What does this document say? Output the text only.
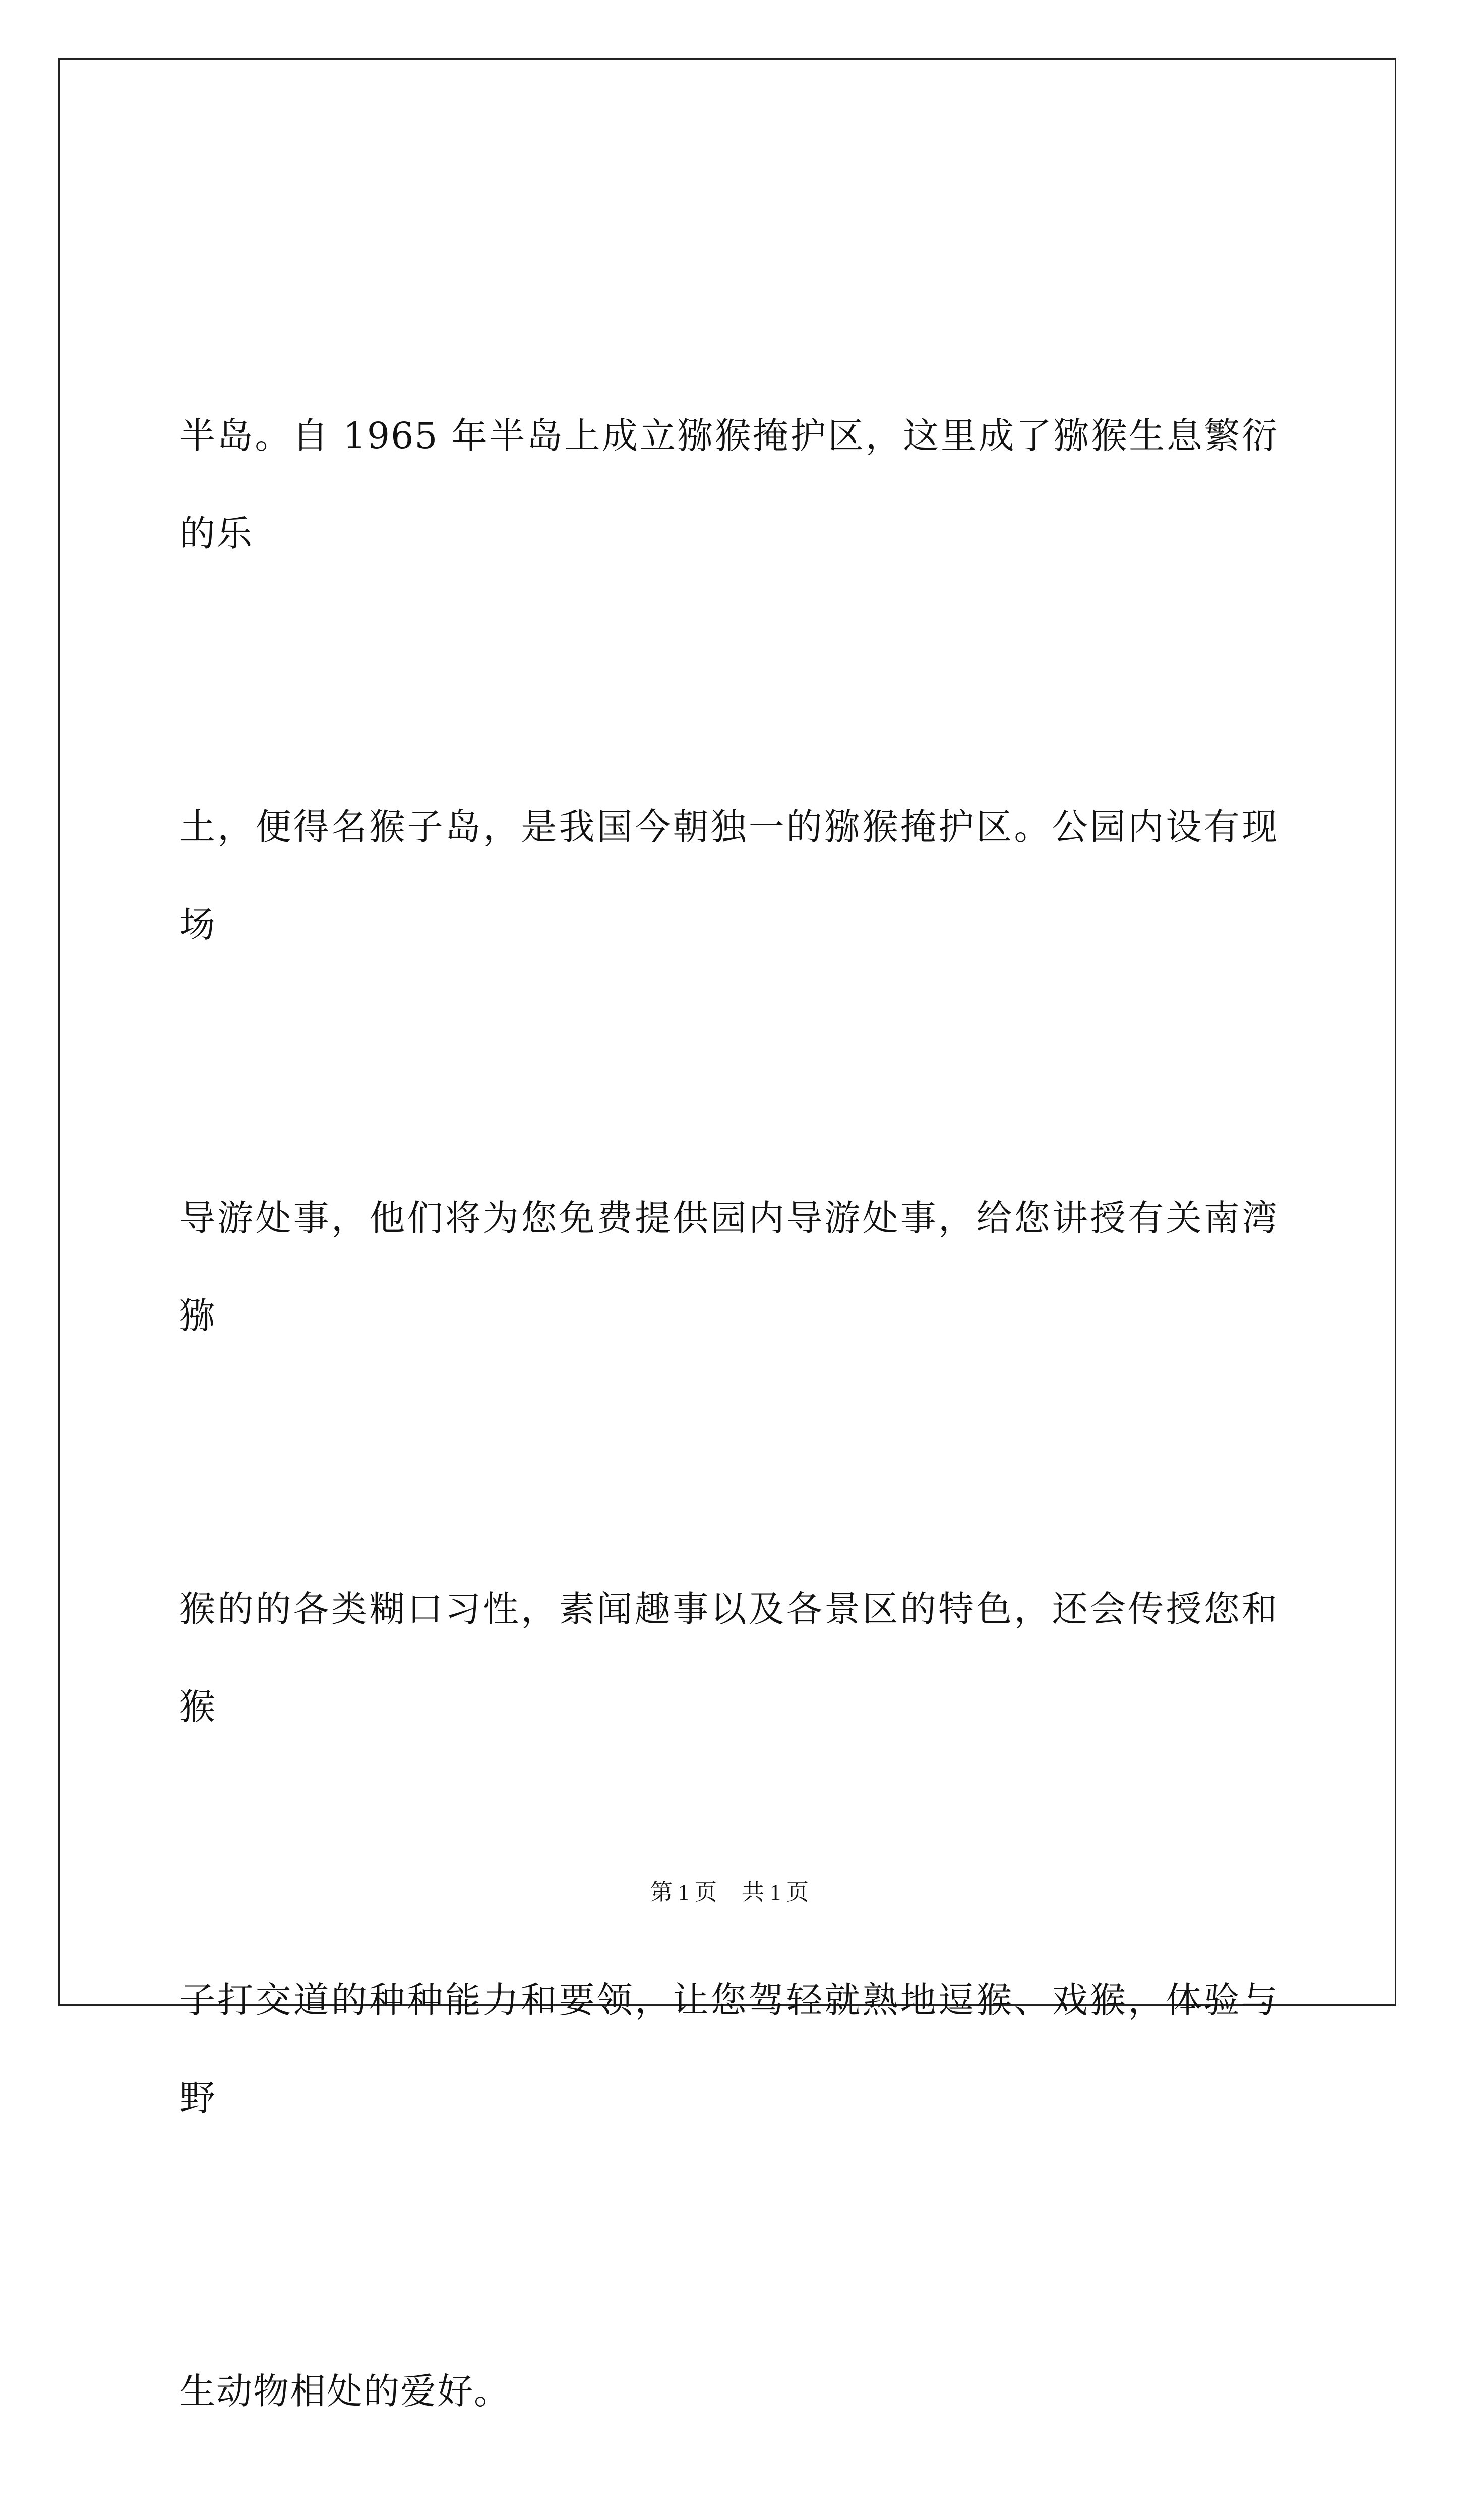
半岛。自 1965 年半岛上成立猕猴掩护区，这里成了猕猴生息繁衍的乐

土，便得名猴子岛，是我国今朝独一的猕猴掩护区。公园内设有现场

导游处事，他们将为您免费提供园内导游处事，给您讲授有关南湾猕

猴的的各类糊口习性，素闻趣事以及各景区的特色，还会传授您和猴

子打交道的种种能力和要领，让您驾轻就熟地逗猴、戏猴，体验与野

生动物相处的爱好。

第 1 页 共 1 页
